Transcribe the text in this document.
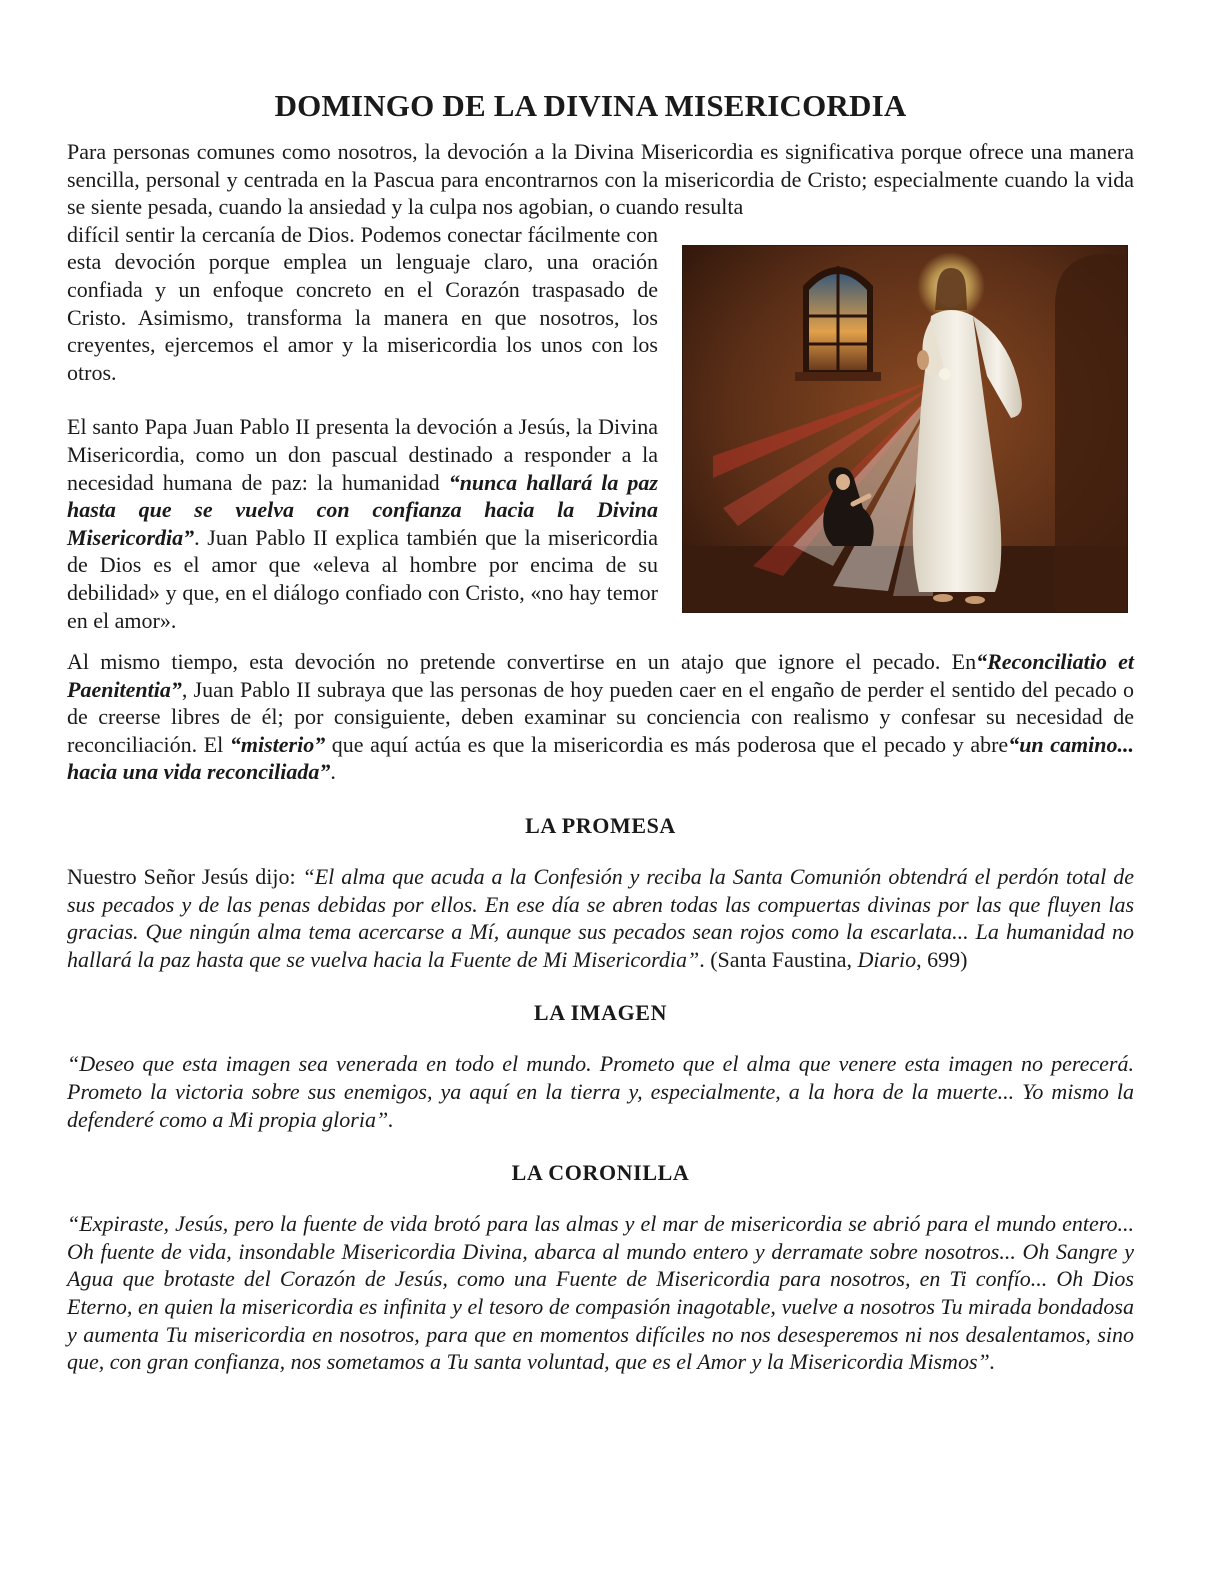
DOMINGO DE LA DIVINA MISERICORDIA

Para personas comunes como nosotros, la devoción a la Divina Misericordia es significativa porque ofrece una manera sencilla, personal y centrada en la Pascua para encontrarnos con la misericordia de Cristo; especialmente cuando la vida se siente pesada, cuando la ansiedad y la culpa nos agobian, o cuando resulta

difícil sentir la cercanía de Dios. Podemos conectar fácilmente con esta devoción porque emplea un lenguaje claro, una oración confiada y un enfoque concreto en el Corazón traspasado de Cristo. Asimismo, transforma la manera en que nosotros, los creyentes, ejercemos el amor y la misericordia los unos con los otros.

El santo Papa Juan Pablo II presenta la devoción a Jesús, la Divina Misericordia, como un don pascual destinado a responder a la necesidad humana de paz: la humanidad “nunca hallará la paz hasta que se vuelva con confianza hacia la Divina Misericordia”. Juan Pablo II explica también que la misericordia de Dios es el amor que «eleva al hombre por encima de su debilidad» y que, en el diálogo confiado con Cristo, «no hay temor en el amor».

Al mismo tiempo, esta devoción no pretende convertirse en un atajo que ignore el pecado. En“Reconciliatio et Paenitentia”, Juan Pablo II subraya que las personas de hoy pueden caer en el engaño de perder el sentido del pecado o de creerse libres de él; por consiguiente, deben examinar su conciencia con realismo y confesar su necesidad de reconciliación. El “misterio” que aquí actúa es que la misericordia es más poderosa que el pecado y abre“un camino... hacia una vida reconciliada”.

LA PROMESA

Nuestro Señor Jesús dijo: “El alma que acuda a la Confesión y reciba la Santa Comunión obtendrá el perdón total de sus pecados y de las penas debidas por ellos. En ese día se abren todas las compuertas divinas por las que fluyen las gracias. Que ningún alma tema acercarse a Mí, aunque sus pecados sean rojos como la escarlata... La humanidad no hallará la paz hasta que se vuelva hacia la Fuente de Mi Misericordia”. (Santa Faustina, Diario, 699)

LA IMAGEN

“Deseo que esta imagen sea venerada en todo el mundo. Prometo que el alma que venere esta imagen no perecerá. Prometo la victoria sobre sus enemigos, ya aquí en la tierra y, especialmente, a la hora de la muerte... Yo mismo la defenderé como a Mi propia gloria”.

LA CORONILLA

“Expiraste, Jesús, pero la fuente de vida brotó para las almas y el mar de misericordia se abrió para el mundo entero... Oh fuente de vida, insondable Misericordia Divina, abarca al mundo entero y derramate sobre nosotros... Oh Sangre y Agua que brotaste del Corazón de Jesús, como una Fuente de Misericordia para nosotros, en Ti confío... Oh Dios Eterno, en quien la misericordia es infinita y el tesoro de compasión inagotable, vuelve a nosotros Tu mirada bondadosa y aumenta Tu misericordia en nosotros, para que en momentos difíciles no nos desesperemos ni nos desalentamos, sino que, con gran confianza, nos sometamos a Tu santa voluntad, que es el Amor y la Misericordia Mismos”.
